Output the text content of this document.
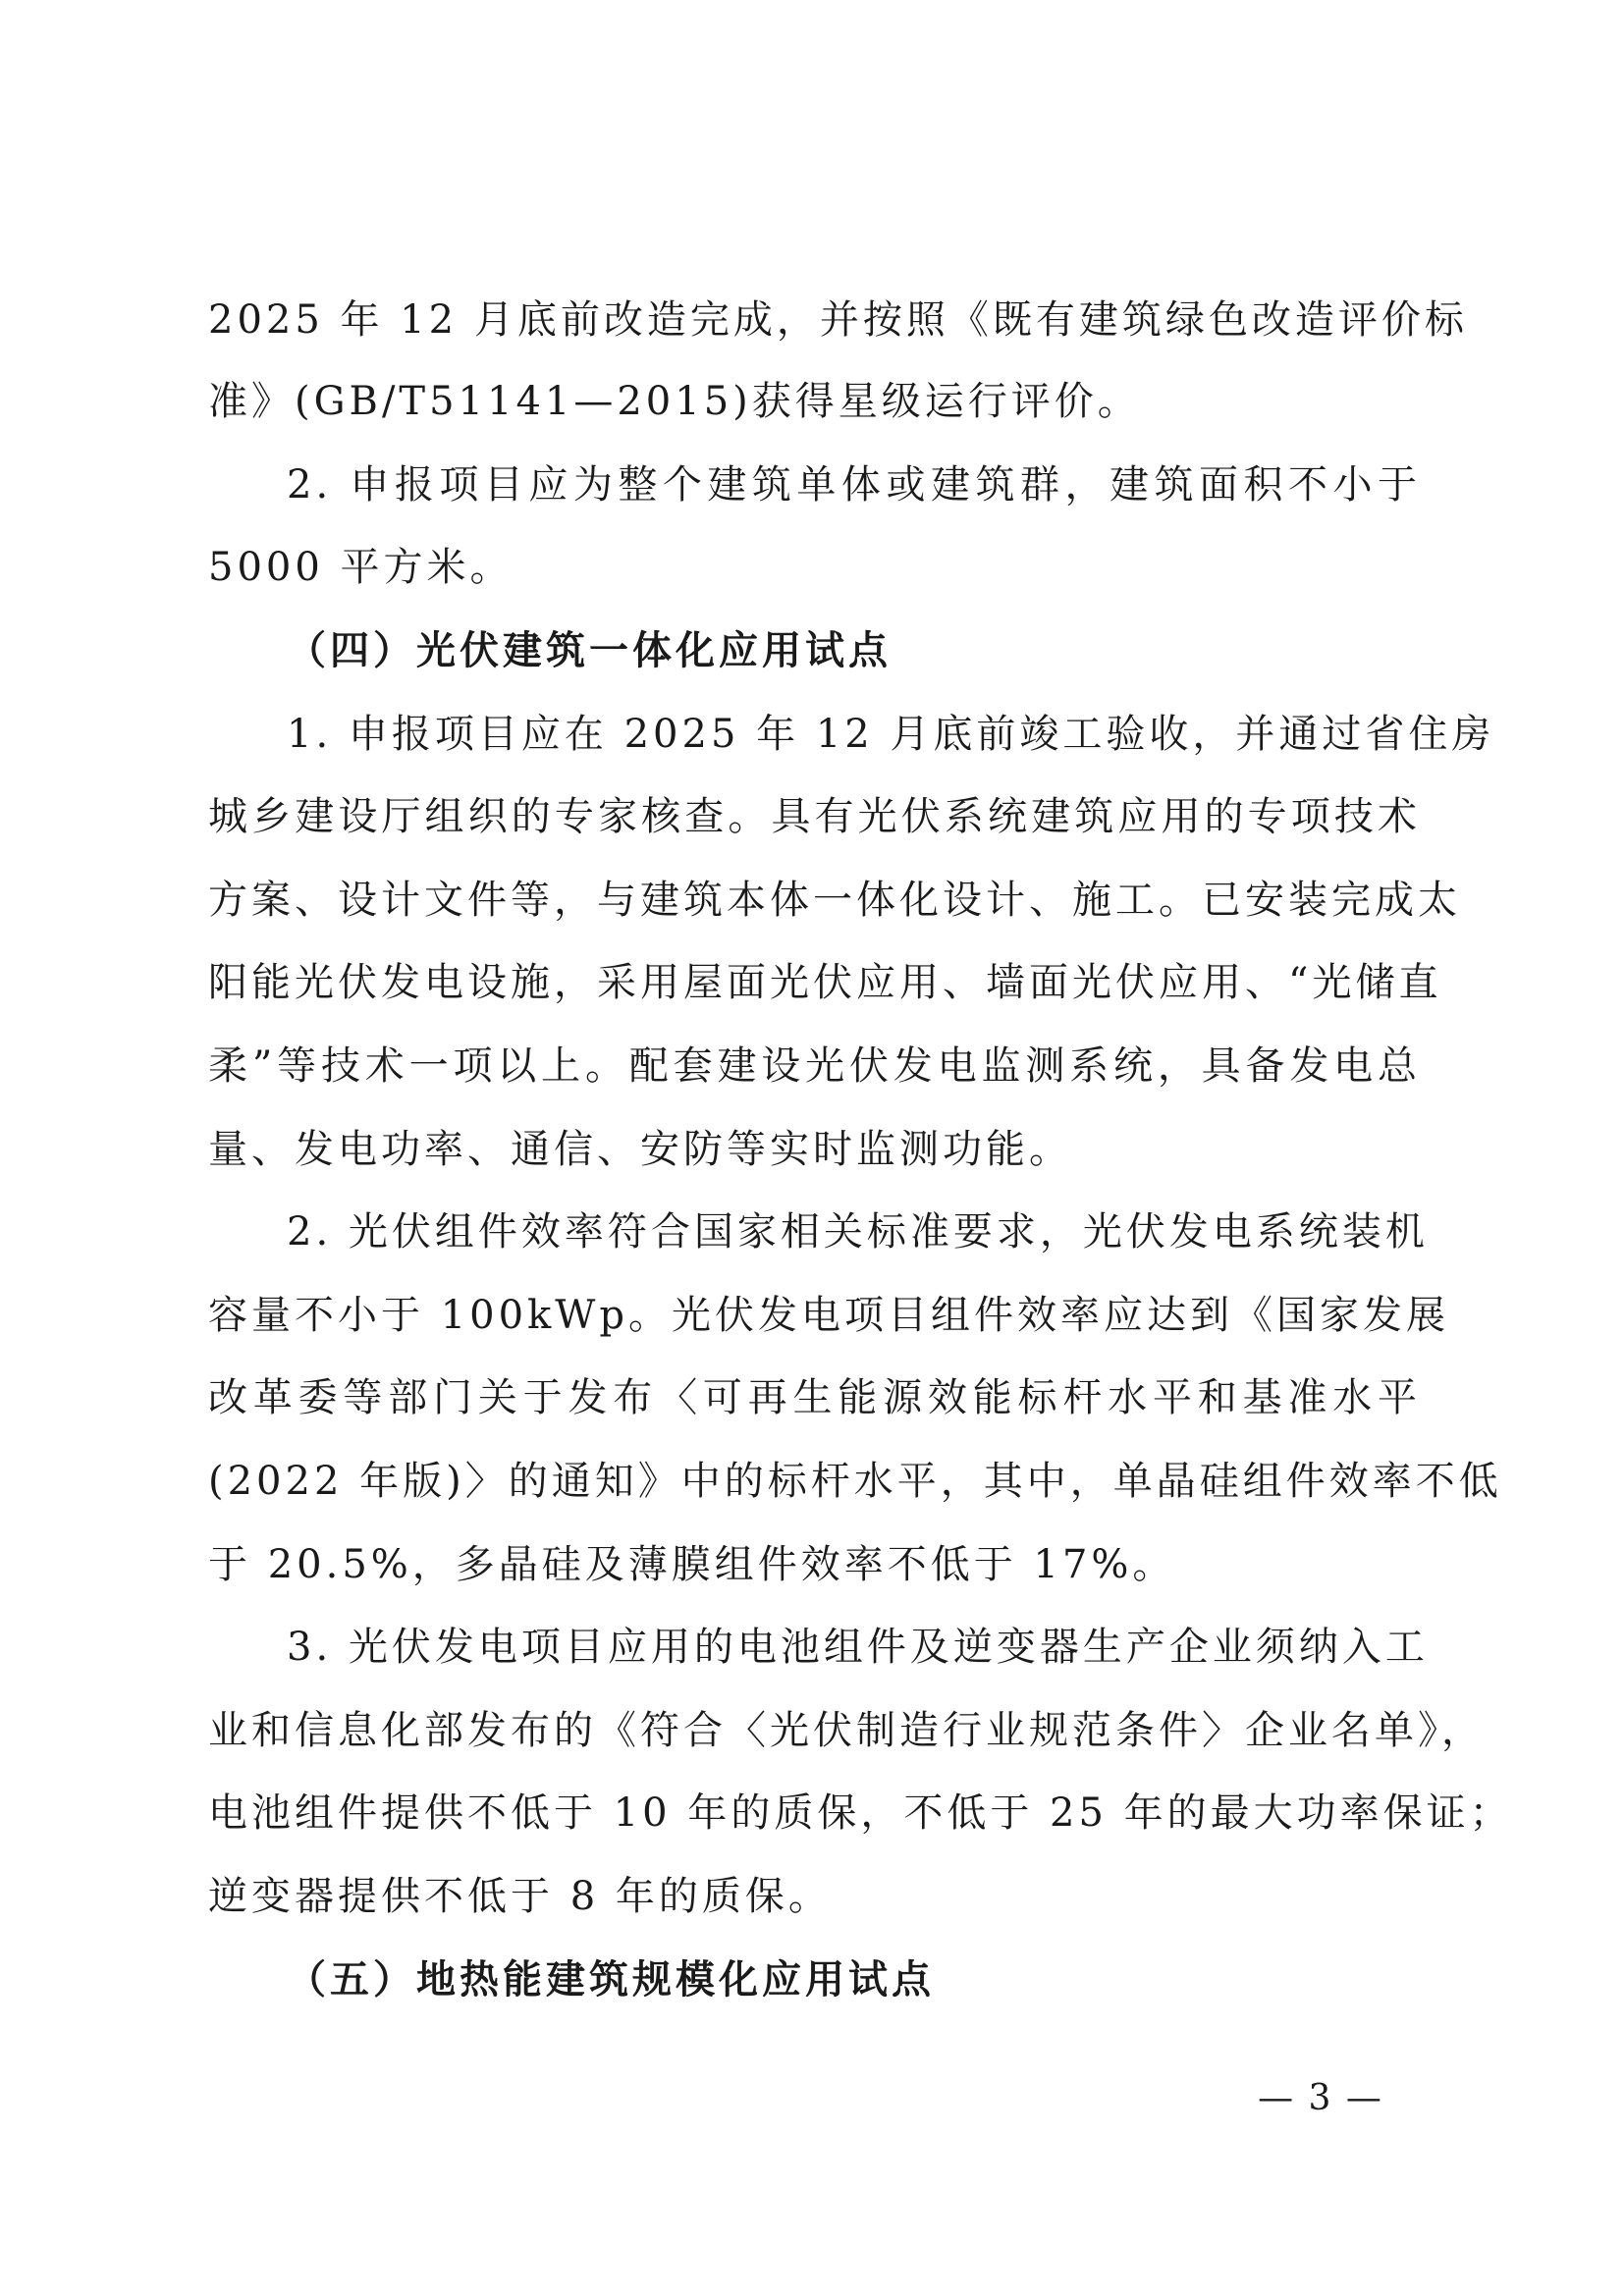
2025 年 12 月底前改造完成，并按照《既有建筑绿色改造评价标
准》(GB/T51141—2015)获得星级运行评价。
2. 申报项目应为整个建筑单体或建筑群，建筑面积不小于
5000 平方米。
（四）光伏建筑一体化应用试点
1. 申报项目应在 2025 年 12 月底前竣工验收，并通过省住房
城乡建设厅组织的专家核查。具有光伏系统建筑应用的专项技术
方案、设计文件等，与建筑本体一体化设计、施工。已安装完成太
阳能光伏发电设施，采用屋面光伏应用、墙面光伏应用、“光储直
柔”等技术一项以上。配套建设光伏发电监测系统，具备发电总
量、发电功率、通信、安防等实时监测功能。
2. 光伏组件效率符合国家相关标准要求，光伏发电系统装机
容量不小于 100kWp。光伏发电项目组件效率应达到《国家发展
改革委等部门关于发布〈可再生能源效能标杆水平和基准水平
(2022 年版)〉的通知》中的标杆水平，其中，单晶硅组件效率不低
于 20.5%，多晶硅及薄膜组件效率不低于 17%。
3. 光伏发电项目应用的电池组件及逆变器生产企业须纳入工
业和信息化部发布的《符合〈光伏制造行业规范条件〉企业名单》，
电池组件提供不低于 10 年的质保，不低于 25 年的最大功率保证；
逆变器提供不低于 8 年的质保。
（五）地热能建筑规模化应用试点
— 3 —
